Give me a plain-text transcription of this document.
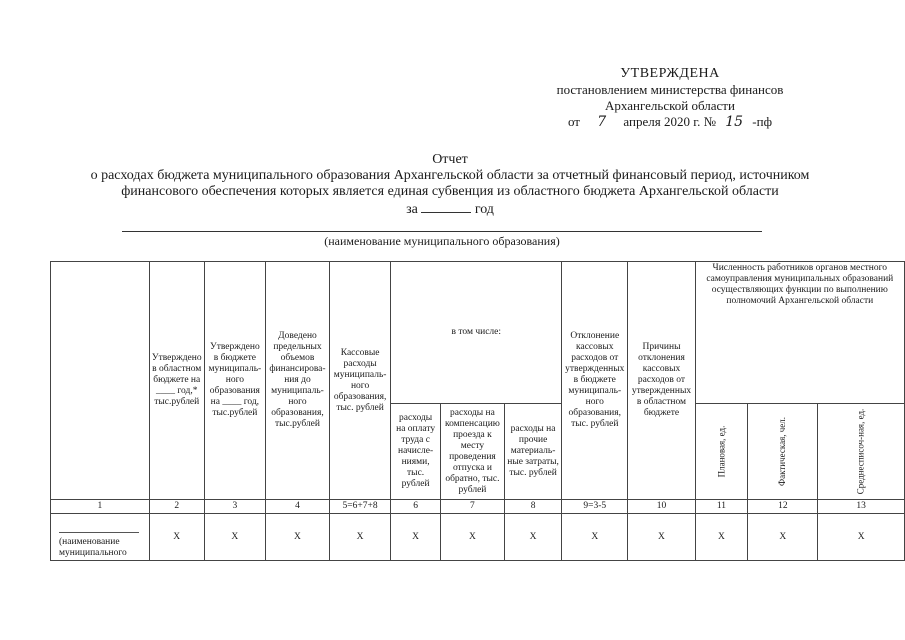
УТВЕРЖДЕНА
постановлением министерства финансов
Архангельской области
от 7 апреля 2020 г. № 15 -пф
Отчет
о расходах бюджета муниципального образования Архангельской области за отчетный финансовый период, источником
финансового обеспечения которых является единая субвенция из областного бюджета Архангельской области
за	год
(наименование муниципального образования)
	Утверждено в областном бюджете на ____ год,* тыс.рублей	Утверждено в бюджете муниципаль-ного образования на ____ год, тыс.рублей	Доведено предельных объемов финансирова-ния до муниципаль-ного образования, тыс.рублей	Кассовые расходы муниципаль-ного образования, тыс. рублей	в том числе:			Отклонение кассовых расходов от утвержденных в бюджете муниципаль-ного образования, тыс. рублей	Причины отклонения кассовых расходов от утвержденных в областном бюджете	Численность работников органов местного самоуправления муниципальных образований осуществляющих функции по выполнению полномочий Архангельской области		
					расходы на оплату труда с начисле-ниями, тыс. рублей	расходы на компенсацию проезда к месту проведения отпуска и обратно, тыс. рублей	расходы на прочие материаль-ные затраты, тыс. рублей			Плановая, ед.	Фактическая, чел.	Среднесписоч-ная, ед.
1	2	3	4	5=6+7+8	6	7	8	9=3-5	10	11	12	13

(наименование муниципального	X	X	X	X	X	X	X	X	X	X	X	X
